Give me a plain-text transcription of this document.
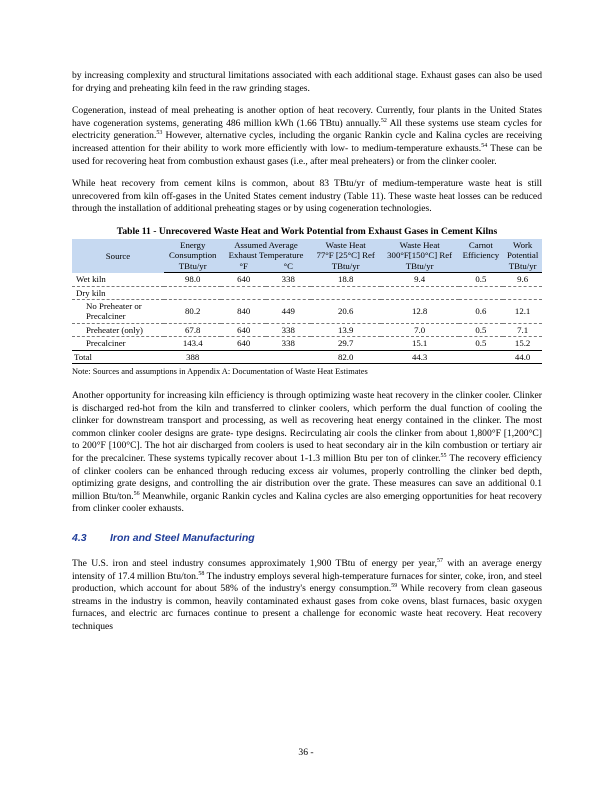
by increasing complexity and structural limitations associated with each additional stage. Exhaust gases can also be used for drying and preheating kiln feed in the raw grinding stages.

Cogeneration, instead of meal preheating is another option of heat recovery. Currently, four plants in the United States have cogeneration systems, generating 486 million kWh (1.66 TBtu) annually.$^{52}$ All these systems use steam cycles for electricity generation.$^{53}$ However, alternative cycles, including the organic Rankin cycle and Kalina cycles are receiving increased attention for their ability to work more efficiently with low- to medium-temperature exhausts.$^{54}$ These can be used for recovering heat from combustion exhaust gases (i.e., after meal preheaters) or from the clinker cooler.

While heat recovery from cement kilns is common, about 83 TBtu/yr of medium-temperature waste heat is still unrecovered from kiln off-gases in the United States cement industry (Table 11). These waste heat losses can be reduced through the installation of additional preheating stages or by using cogeneration technologies.

Table 11 - Unrecovered Waste Heat and Work Potential from Exhaust Gases in Cement Kilns
Source	Energy	Assumed Average		Waste Heat	Waste Heat	Carnot	Work
	Consumption	Exhaust Temperature		77°F [25°C] Ref	300°F[150°C] Ref	Efficiency	Potential
	TBtu/yr	°F	°C	TBtu/yr	TBtu/yr		TBtu/yr
Wet kiln	98.0	640	338	18.8	9.4	0.5	9.6
Dry kiln							
No Preheater or Precalciner	80.2	840	449	20.6	12.8	0.6	12.1
Preheater (only)	67.8	640	338	13.9	7.0	0.5	7.1
Precalciner	143.4	640	338	29.7	15.1	0.5	15.2
Total	388			82.0	44.3		44.0
Note: Sources and assumptions in Appendix A: Documentation of Waste Heat Estimates

Another opportunity for increasing kiln efficiency is through optimizing waste heat recovery in the clinker cooler. Clinker is discharged red-hot from the kiln and transferred to clinker coolers, which perform the dual function of cooling the clinker for downstream transport and processing, as well as recovering heat energy contained in the clinker. The most common clinker cooler designs are grate- type designs. Recirculating air cools the clinker from about 1,800°F [1,200°C] to 200°F [100°C]. The hot air discharged from coolers is used to heat secondary air in the kiln combustion or tertiary air for the precalciner. These systems typically recover about 1-1.3 million Btu per ton of clinker.$^{55}$ The recovery efficiency of clinker coolers can be enhanced through reducing excess air volumes, properly controlling the clinker bed depth, optimizing grate designs, and controlling the air distribution over the grate. These measures can save an additional 0.1 million Btu/ton.$^{56}$ Meanwhile, organic Rankin cycles and Kalina cycles are also emerging opportunities for heat recovery from clinker cooler exhausts.

4.3 Iron and Steel Manufacturing

The U.S. iron and steel industry consumes approximately 1,900 TBtu of energy per year,$^{57}$ with an average energy intensity of 17.4 million Btu/ton.$^{58}$ The industry employs several high-temperature furnaces for sinter, coke, iron, and steel production, which account for about 58% of the industry's energy consumption.$^{59}$ While recovery from clean gaseous streams in the industry is common, heavily contaminated exhaust gases from coke ovens, blast furnaces, basic oxygen furnaces, and electric arc furnaces continue to present a challenge for economic waste heat recovery. Heat recovery techniques

36 -
